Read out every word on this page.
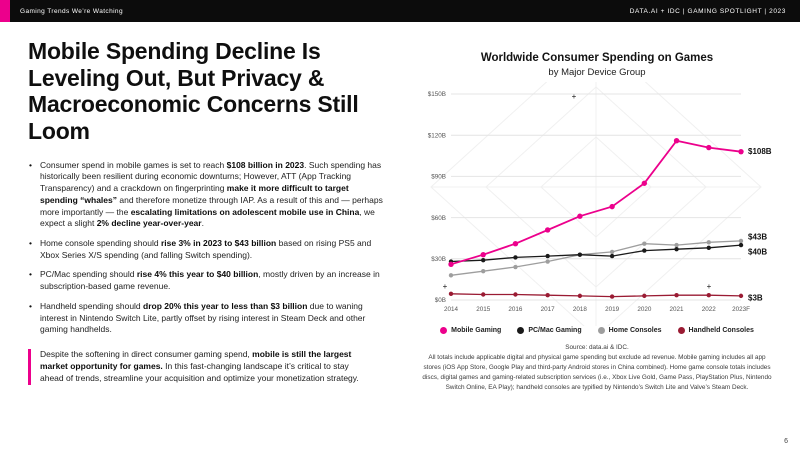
Gaming Trends We’re Watching	DATA.AI + IDC | GAMING SPOTLIGHT | 2023
Mobile Spending Decline Is Leveling Out, But Privacy & Macroeconomic Concerns Still Loom
• Consumer spend in mobile games is set to reach $108 billion in 2023. Such spending has historically been resilient during economic downturns; However, ATT (App Tracking Transparency) and a crackdown on fingerprinting make it more difficult to target spending “whales” and therefore monetize through IAP. As a result of this and — perhaps more importantly — the escalating limitations on adolescent mobile use in China, we expect a slight 2% decline year-over-year.
• Home console spending should rise 3% in 2023 to $43 billion based on rising PS5 and Xbox Series X/S spending (and falling Switch spending).
• PC/Mac spending should rise 4% this year to $40 billion, mostly driven by an increase in subscription-based game revenue.
• Handheld spending should drop 20% this year to less than $3 billion due to waning interest in Nintendo Switch Lite, partly offset by rising interest in Steam Deck and other gaming handhelds.
Despite the softening in direct consumer gaming spend, mobile is still the largest market opportunity for games. In this fast-changing landscape it’s critical to stay ahead of trends, streamline your acquisition and optimize your monetization strategy.
Worldwide Consumer Spending on Games
by Major Device Group
+
+	+
$0B
$30B
$60B
$90B
$120B
$150B
2014	2015	2016	2017	2018	2019	2020	2021	2022	2023F
$108B
$40B
$43B
$3B
Mobile Gaming	PC/Mac Gaming	Home Consoles	Handheld Consoles
Source: data.ai & IDC.
All totals include applicable digital and physical game spending but exclude ad revenue. Mobile gaming includes all app stores (iOS App Store, Google Play and third-party Android stores in China combined). Home game console totals includes discs, digital games and gaming-related subscription services (i.e., Xbox Live Gold, Game Pass, PlayStation Plus, Nintendo Switch Online, EA Play); handheld consoles are typified by Nintendo’s Switch Lite and Valve’s Steam Deck.
6
